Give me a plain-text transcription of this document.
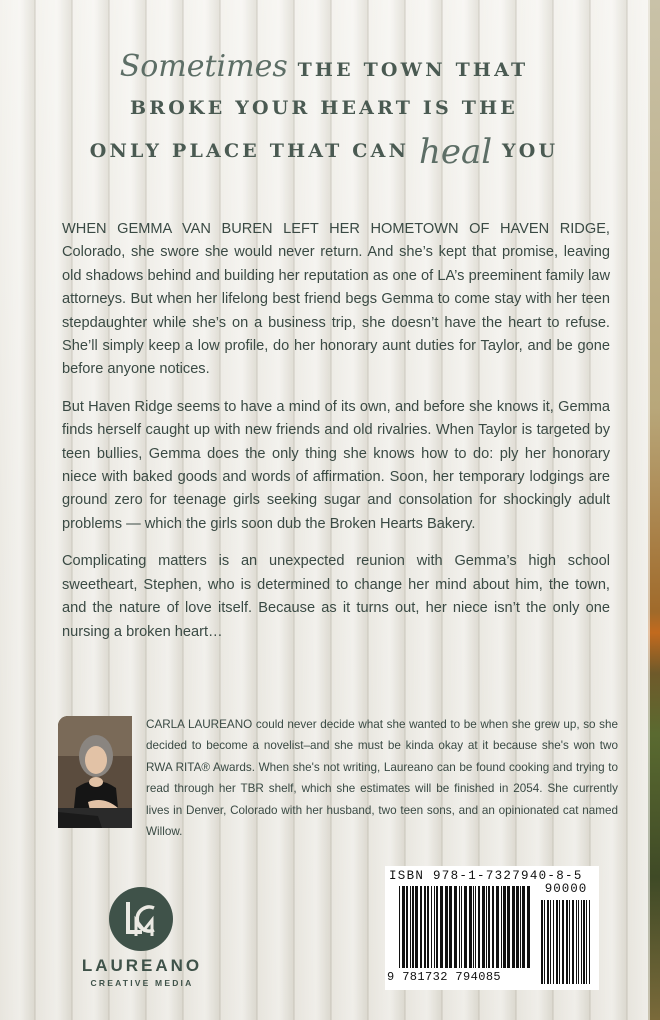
Sometimes THE TOWN THAT
BROKE YOUR HEART IS THE
ONLY PLACE THAT CAN heal YOU

WHEN GEMMA VAN BUREN LEFT HER HOMETOWN OF HAVEN RIDGE, Colorado, she swore she would never return. And she’s kept that promise, leaving old shadows behind and building her reputation as one of LA’s preeminent family law attorneys. But when her lifelong best friend begs Gemma to come stay with her teen stepdaughter while she’s on a business trip, she doesn’t have the heart to refuse. She’ll simply keep a low profile, do her honorary aunt duties for Taylor, and be gone before anyone notices.

But Haven Ridge seems to have a mind of its own, and before she knows it, Gemma finds herself caught up with new friends and old rivalries. When Taylor is targeted by teen bullies, Gemma does the only thing she knows how to do: ply her honorary niece with baked goods and words of affirmation. Soon, her temporary lodgings are ground zero for teenage girls seeking sugar and consolation for shockingly adult problems — which the girls soon dub the Broken Hearts Bakery.

Complicating matters is an unexpected reunion with Gemma’s high school sweetheart, Stephen, who is determined to change her mind about him, the town, and the nature of love itself. Because as it turns out, her niece isn’t the only one nursing a broken heart…

CARLA LAUREANO could never decide what she wanted to be when she grew up, so she decided to become a novelist–and she must be kinda okay at it because she's won two RWA RITA® Awards. When she's not writing, Laureano can be found cooking and trying to read through her TBR shelf, which she estimates will be finished in 2054. She currently lives in Denver, Colorado with her husband, two teen sons, and an opinionated cat named Willow.
LAUREANO
CREATIVE MEDIA
ISBN 978-1-7327940-8-5
90000
9 781732 794085
